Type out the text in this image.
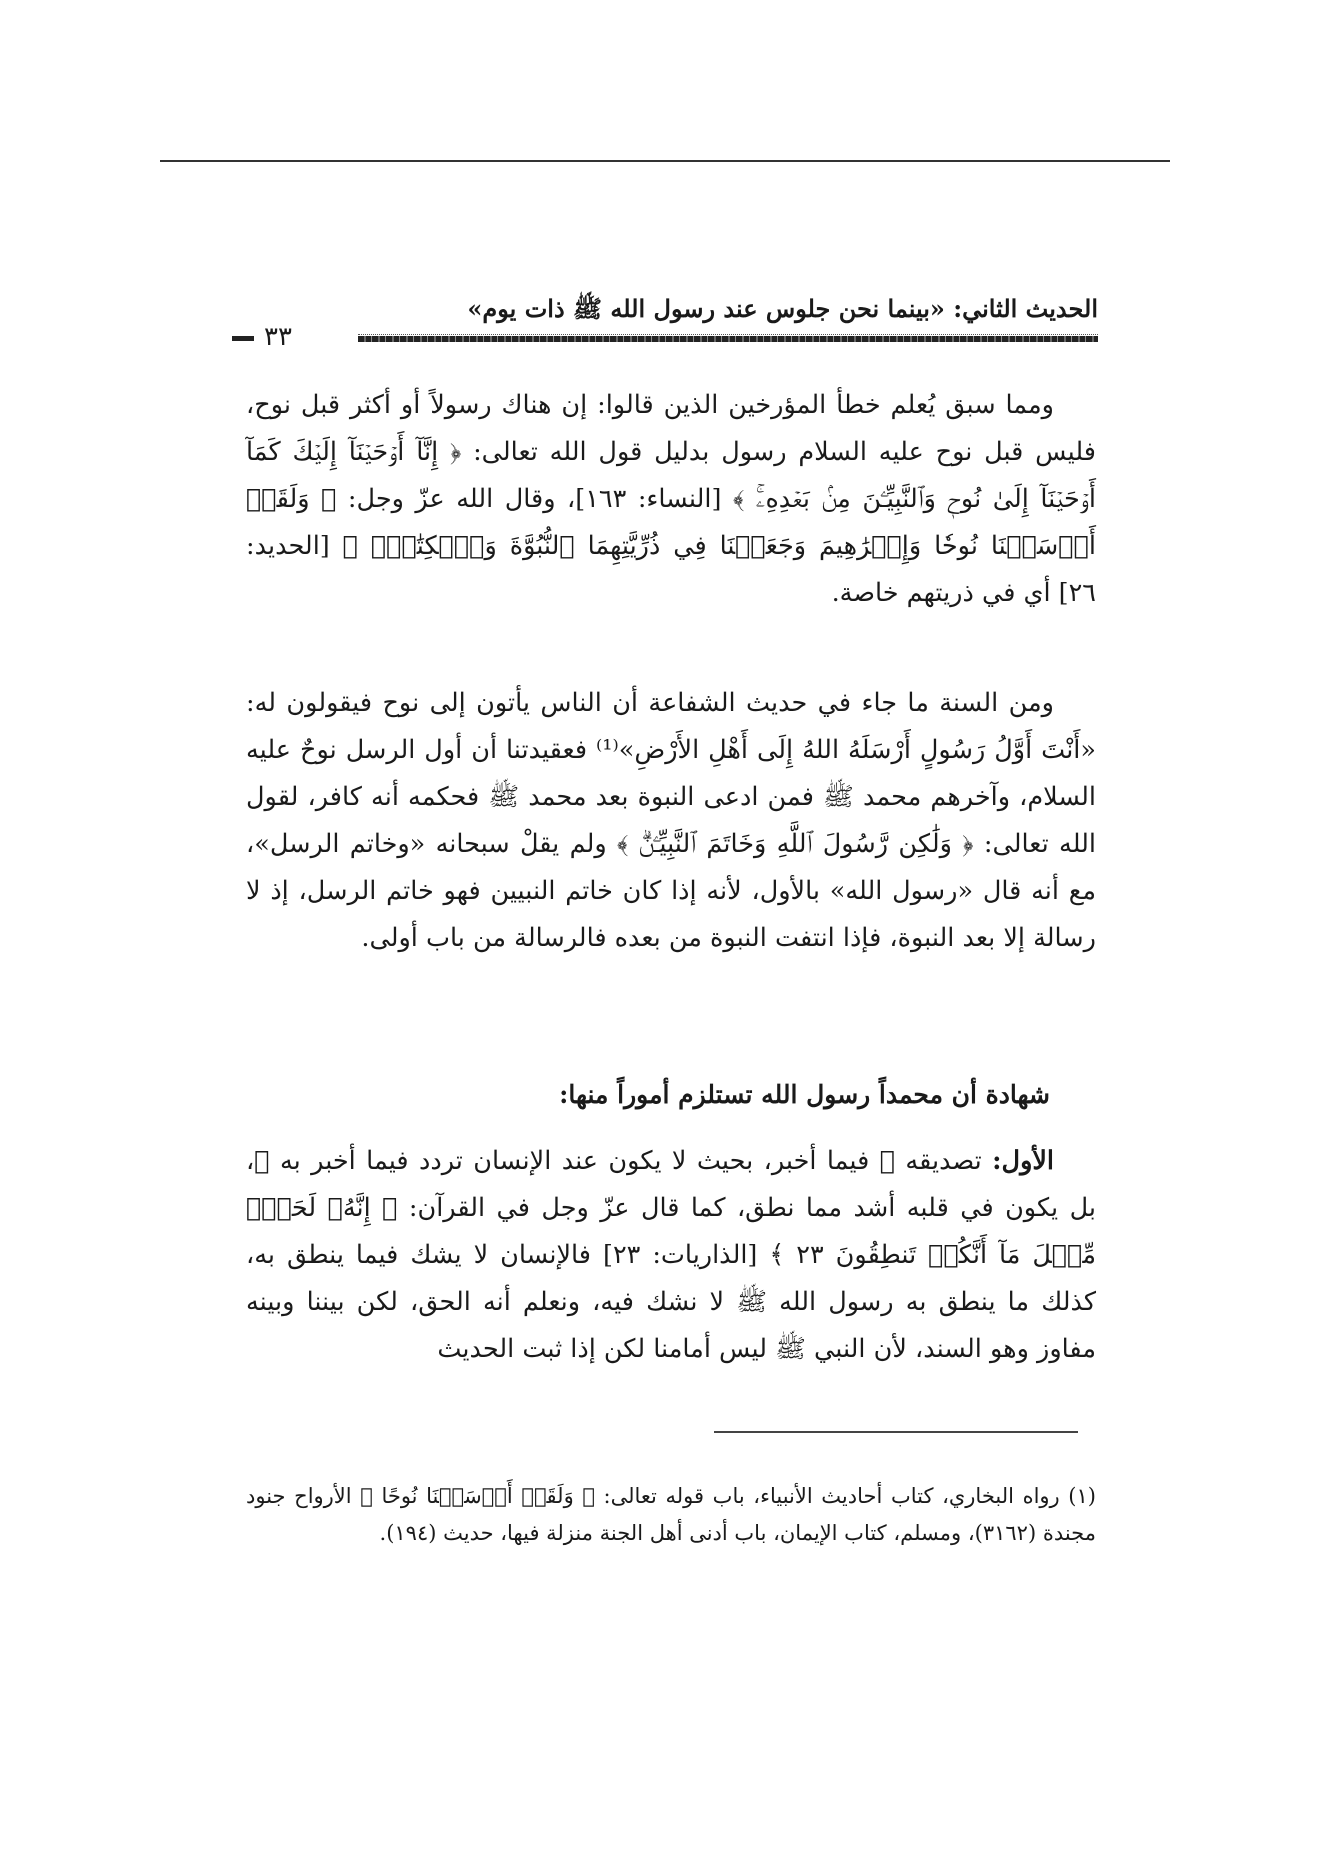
الحديث الثاني: «بينما نحن جلوس عند رسول الله ﷺ ذات يوم»
٣٣

ومما سبق يُعلم خطأ المؤرخين الذين قالوا: إن هناك رسولاً أو أكثر قبل نوح، فليس قبل نوح عليه السلام رسول بدليل قول الله تعالى: ﴿ إِنَّآ أَوۡحَيۡنَآ إِلَيۡكَ كَمَآ أَوۡحَيۡنَآ إِلَىٰ نُوحٖ وَٱلنَّبِيِّـۧنَ مِنۢ بَعۡدِهِۦۚ ﴾ [النساء: ١٦٣]، وقال الله عزّ وجل: ﴿ وَلَقَدۡ أَرۡسَلۡنَا نُوحٗا وَإِبۡرَٰهِيمَ وَجَعَلۡنَا فِي ذُرِّيَّتِهِمَا ٱلنُّبُوَّةَ وَٱلۡكِتَٰبَۖ ﴾ [الحديد: ٢٦] أي في ذريتهم خاصة.

ومن السنة ما جاء في حديث الشفاعة أن الناس يأتون إلى نوح فيقولون له: «أَنْتَ أَوَّلُ رَسُولٍ أَرْسَلَهُ اللهُ إِلَى أَهْلِ الأَرْضِ»⁽¹⁾ فعقيدتنا أن أول الرسل نوحٌ عليه السلام، وآخرهم محمد ﷺ فمن ادعى النبوة بعد محمد ﷺ فحكمه أنه كافر، لقول الله تعالى: ﴿ وَلَٰكِن رَّسُولَ ٱللَّهِ وَخَاتَمَ ٱلنَّبِيِّـۧنَۗ ﴾ ولم يقلْ سبحانه «وخاتم الرسل»، مع أنه قال «رسول الله» بالأول، لأنه إذا كان خاتم النبيين فهو خاتم الرسل، إذ لا رسالة إلا بعد النبوة، فإذا انتفت النبوة من بعده فالرسالة من باب أولى.

شهادة أن محمداً رسول الله تستلزم أموراً منها:

الأول: تصديقه ﷺ فيما أخبر، بحيث لا يكون عند الإنسان تردد فيما أخبر به ﷺ، بل يكون في قلبه أشد مما نطق، كما قال عزّ وجل في القرآن: ﴿ إِنَّهُۥ لَحَقّٞ مِّثۡلَ مَآ أَنَّكُمۡ تَنطِقُونَ ٢٣ ﴾ [الذاريات: ٢٣] فالإنسان لا يشك فيما ينطق به، كذلك ما ينطق به رسول الله ﷺ لا نشك فيه، ونعلم أنه الحق، لكن بيننا وبينه مفاوز وهو السند، لأن النبي ﷺ ليس أمامنا لكن إذا ثبت الحديث

(١) رواه البخاري، كتاب أحاديث الأنبياء، باب قوله تعالى: ﴿ وَلَقَدۡ أَرۡسَلۡنَا نُوحًا ﴾ الأرواح جنود مجندة (٣١٦٢)، ومسلم، كتاب الإيمان، باب أدنى أهل الجنة منزلة فيها، حديث (١٩٤).
